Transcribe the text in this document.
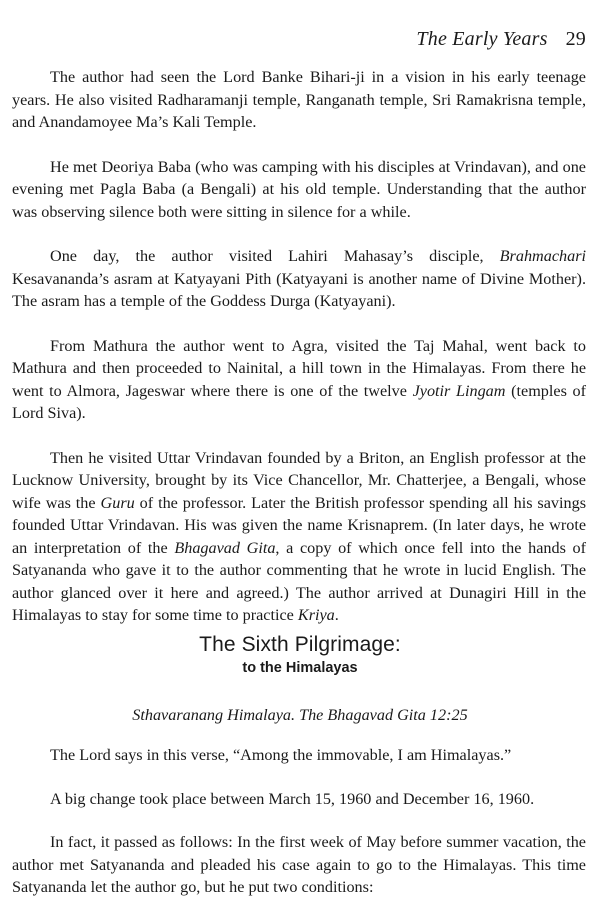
The Early Years 29

The author had seen the Lord Banke Bihari-ji in a vision in his early teenage years. He also visited Radharamanji temple, Ranganath temple, Sri Ramakrisna temple, and Anandamoyee Ma’s Kali Temple.

He met Deoriya Baba (who was camping with his disciples at Vrindavan), and one evening met Pagla Baba (a Bengali) at his old temple. Understanding that the author was observing silence both were sitting in silence for a while.

One day, the author visited Lahiri Mahasay’s disciple, Brahmachari Kesavananda’s asram at Katyayani Pith (Katyayani is another name of Divine Mother). The asram has a temple of the Goddess Durga (Katyayani).

From Mathura the author went to Agra, visited the Taj Mahal, went back to Mathura and then proceeded to Nainital, a hill town in the Himalayas. From there he went to Almora, Jageswar where there is one of the twelve Jyotir Lingam (temples of Lord Siva).

Then he visited Uttar Vrindavan founded by a Briton, an English professor at the Lucknow University, brought by its Vice Chancellor, Mr. Chatterjee, a Bengali, whose wife was the Guru of the professor. Later the British professor spending all his savings founded Uttar Vrindavan. His was given the name Krisnaprem. (In later days, he wrote an interpretation of the Bhagavad Gita, a copy of which once fell into the hands of Satyananda who gave it to the author commenting that he wrote in lucid English. The author glanced over it here and agreed.) The author arrived at Dunagiri Hill in the Himalayas to stay for some time to practice Kriya.

The Sixth Pilgrimage:
to the Himalayas
Sthavaranang Himalaya. The Bhagavad Gita 12:25

The Lord says in this verse, “Among the immovable, I am Himalayas.”

A big change took place between March 15, 1960 and December 16, 1960.

In fact, it passed as follows: In the first week of May before summer vacation, the author met Satyananda and pleaded his case again to go to the Himalayas. This time Satyananda let the author go, but he put two conditions:
